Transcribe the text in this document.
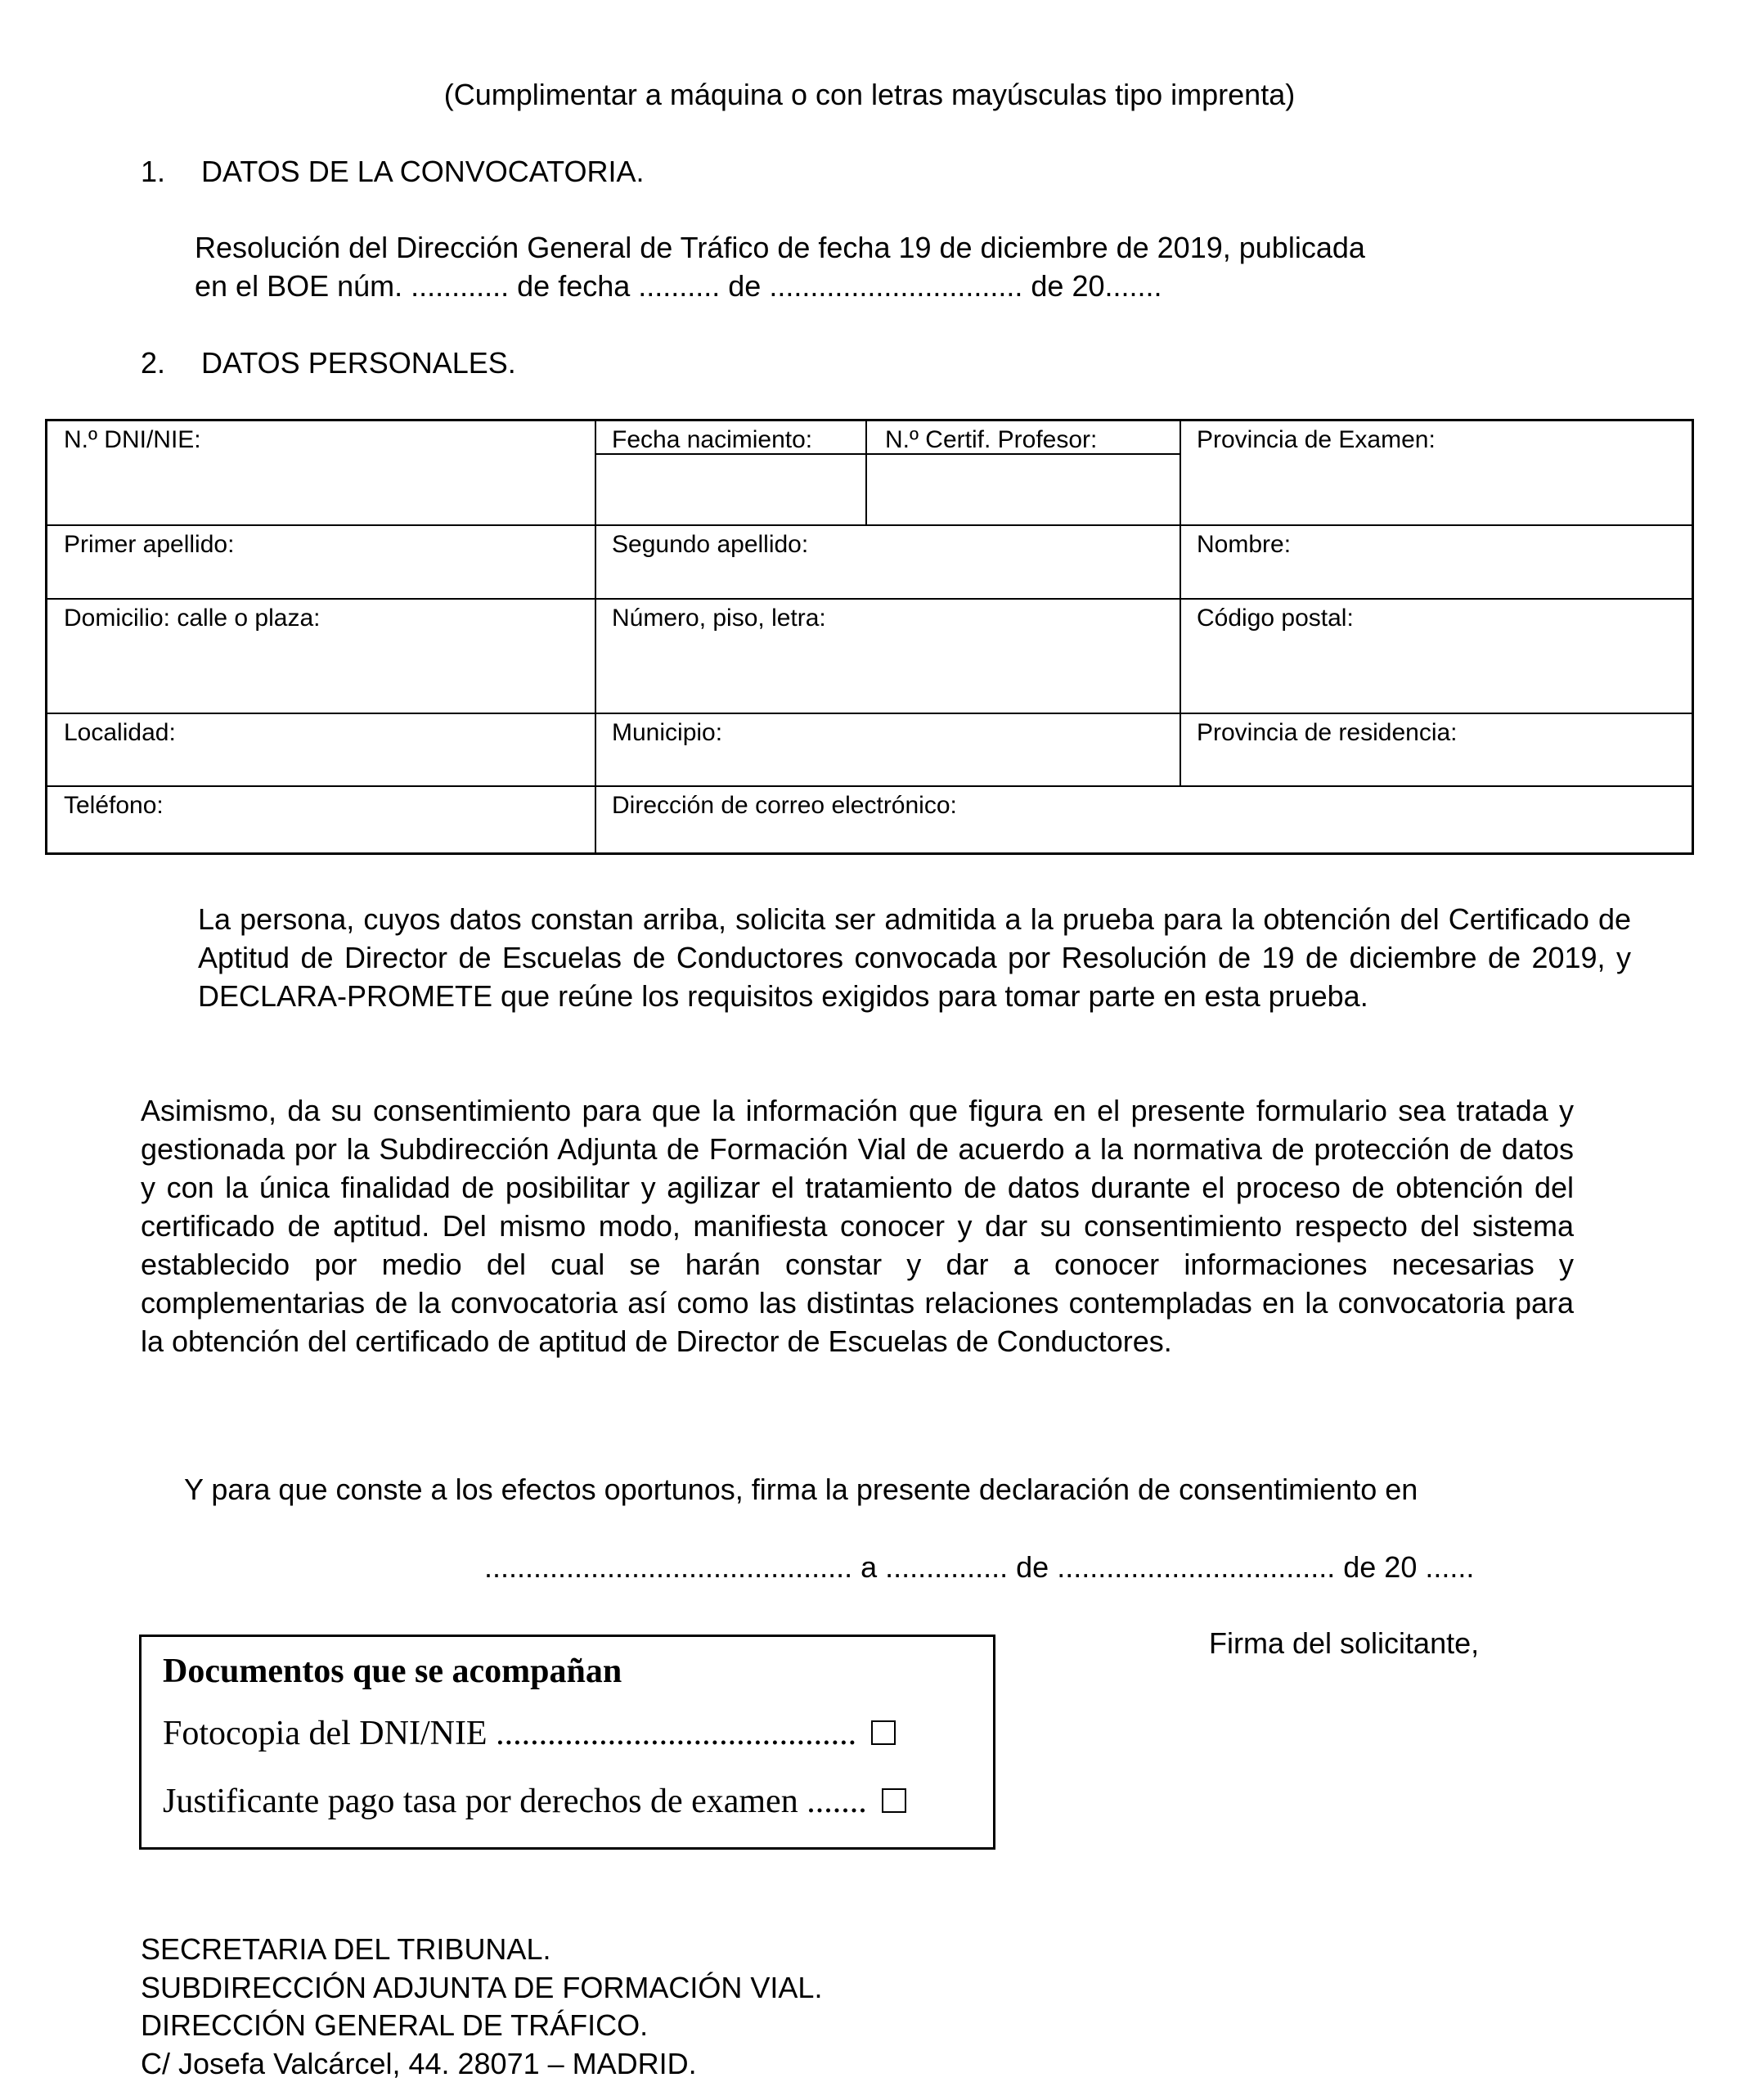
(Cumplimentar a máquina o con letras mayúsculas tipo imprenta)

1. DATOS DE LA CONVOCATORIA.

Resolución del Dirección General de Tráfico de fecha 19 de diciembre de 2019, publicada

en el BOE núm. ............ de fecha .......... de ............................... de 20.......

2. DATOS PERSONALES.

N.º DNI/NIE:	Fecha nacimiento:	N.º Certif. Profesor:	Provincia de Examen:
Primer apellido:	Segundo apellido:	Nombre:
Domicilio: calle o plaza:	Número, piso, letra:	Código postal:
Localidad:	Municipio:	Provincia de residencia:
Teléfono:	Dirección de correo electrónico:

La persona, cuyos datos constan arriba, solicita ser admitida a la prueba para la obtención del Certificado de Aptitud de Director de Escuelas de Conductores convocada por Resolución de 19 de diciembre de 2019, y DECLARA-PROMETE que reúne los requisitos exigidos para tomar parte en esta prueba.

Asimismo, da su consentimiento para que la información que figura en el presente formulario sea tratada y gestionada por la Subdirección Adjunta de Formación Vial de acuerdo a la normativa de protección de datos y con la única finalidad de posibilitar y agilizar el tratamiento de datos durante el proceso de obtención del certificado de aptitud. Del mismo modo, manifiesta conocer y dar su consentimiento respecto del sistema establecido por medio del cual se harán constar y dar a conocer informaciones necesarias y complementarias de la convocatoria así como las distintas relaciones contempladas en la convocatoria para la obtención del certificado de aptitud de Director de Escuelas de Conductores.

Y para que conste a los efectos oportunos, firma la presente declaración de consentimiento en

............................................. a ............... de .................................. de 20 ......

Firma del solicitante,

Documentos que se acompañan
Fotocopia del DNI/NIE ..........................................
Justificante pago tasa por derechos de examen .......

SECRETARIA DEL TRIBUNAL.

SUBDIRECCIÓN ADJUNTA DE FORMACIÓN VIAL.

DIRECCIÓN GENERAL DE TRÁFICO.

C/ Josefa Valcárcel, 44. 28071 – MADRID.
